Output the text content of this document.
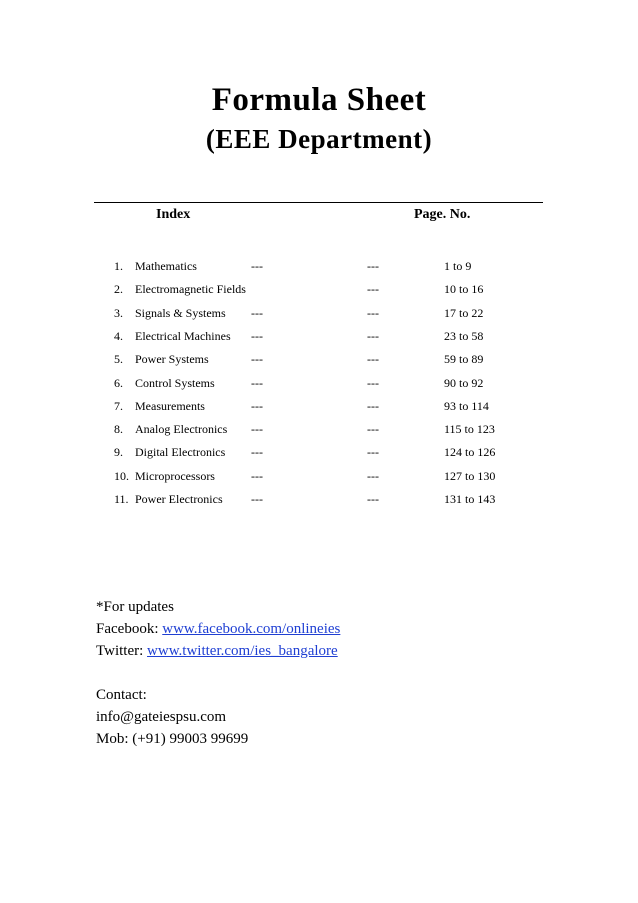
Formula Sheet
(EEE Department)
Index	Page. No.
1. Mathematics	---	---	1 to 9
2. Electromagnetic Fields	---	10 to 16
3. Signals & Systems ---	---	17 to 22
4. Electrical Machines ---	---	23 to 58
5. Power Systems	---	---	59 to 89
6. Control Systems	---	---	90 to 92
7. Measurements	---	---	93 to 114
8. Analog Electronics ---	---	115 to 123
9. Digital Electronics ---	---	124 to 126
10. Microprocessors	---	---	127 to 130
11. Power Electronics ---	---	131 to 143
*For updates
Facebook: www.facebook.com/onlineies
Twitter: www.twitter.com/ies_bangalore
Contact:
info@gateiespsu.com
Mob: (+91) 99003 99699
